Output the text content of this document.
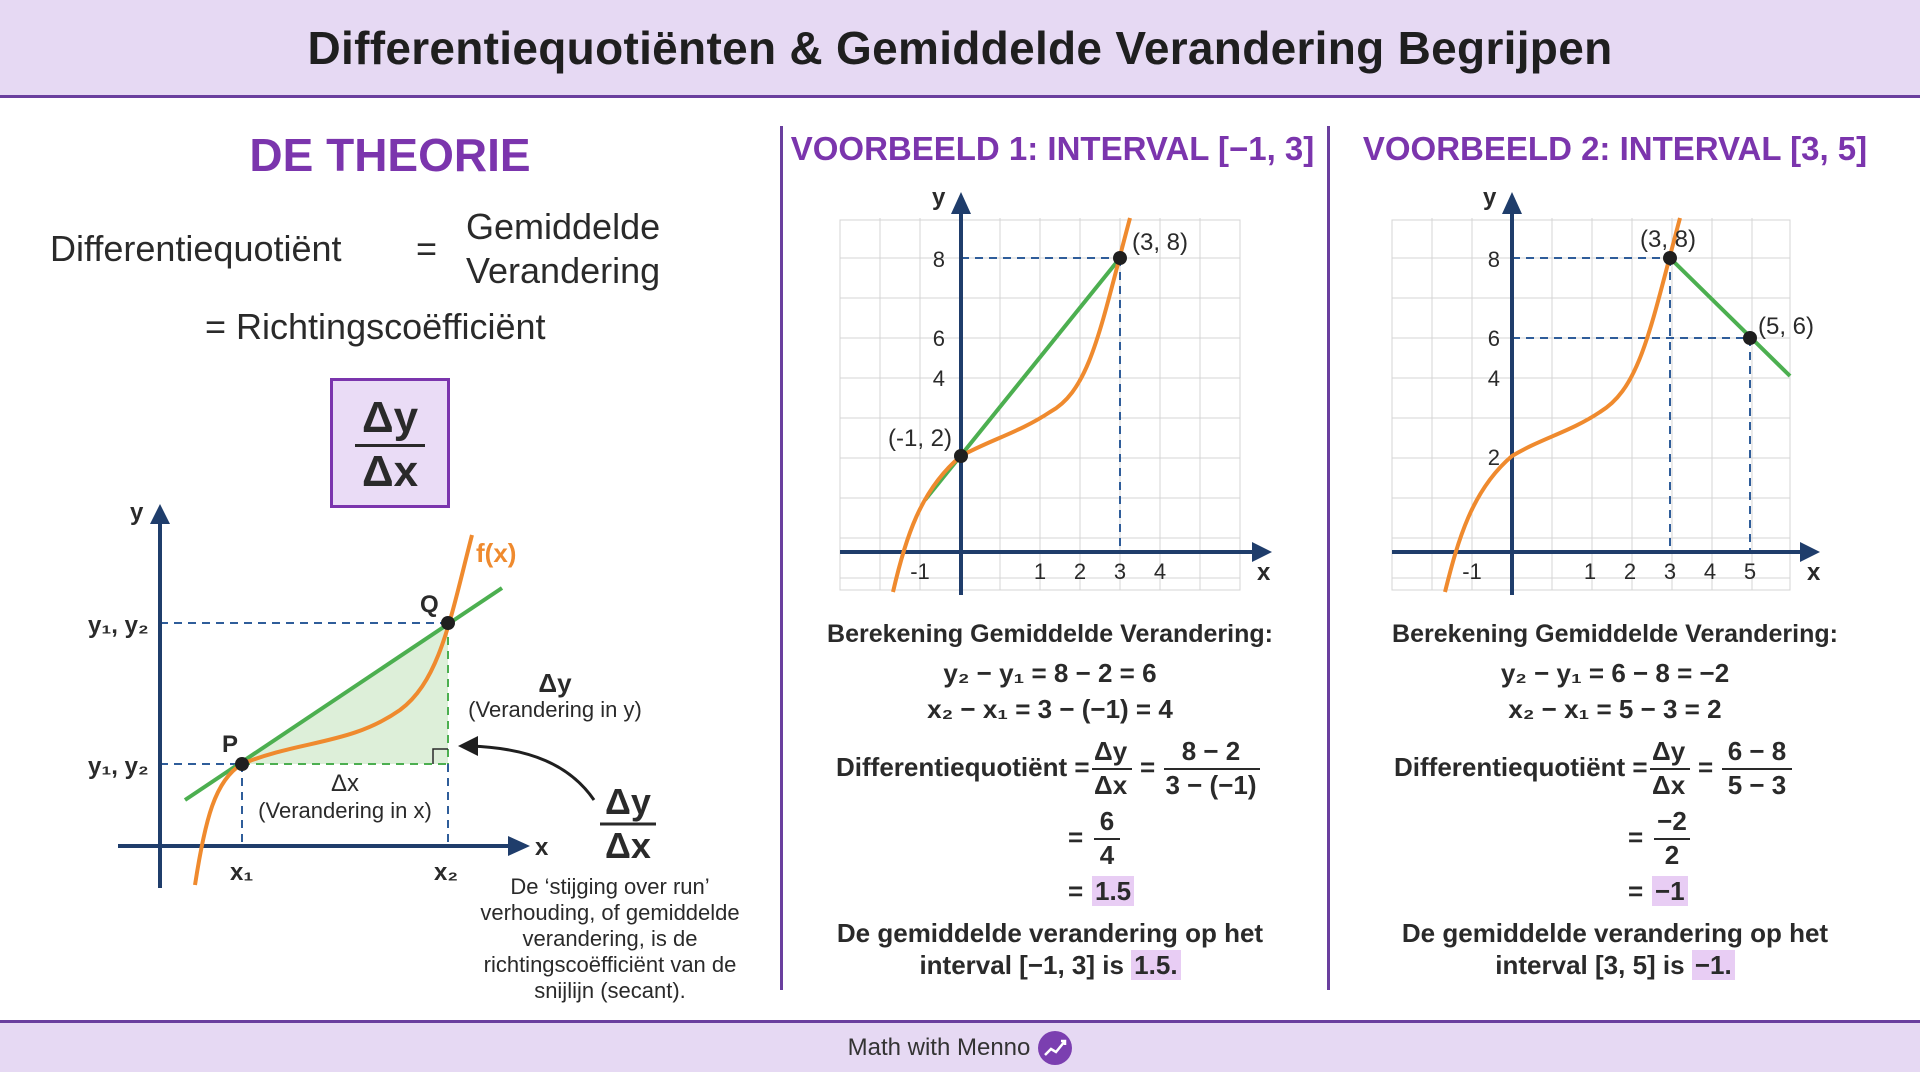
Differentiequotiënten & Gemiddelde Verandering Begrijpen
DE THEORIE
Differentiequotiënt =
Gemiddelde
Verandering
= Richtingscoëfficiënt
Δy
Δx
y
x
f(x)
P
Q
y₁, y₂
y₁, y₂
x₁	x₂
Δx
(Verandering in x)
Δy
(Verandering in y)
Δy
Δx
De ‘stijging over run’
verhouding, of gemiddelde
verandering, is de
richtingscoëfficiënt van de
snijlijn (secant).
VOORBEELD 1: INTERVAL [−1, 3]
y
x
-1	1 2 3 4
4
6
8
(-1, 2)
(3, 8)
Berekening Gemiddelde Verandering:
y₂ − y₁ = 8 − 2 = 6
x₂ − x₁ = 3 − (−1) = 4
Differentiequotiënt =
Δy
Δx
=
8 − 2
3 − (−1)
=
6
4
= 1.5
De gemiddelde verandering op het
interval [−1, 3] is 1.5.
VOORBEELD 2: INTERVAL [3, 5]
y
x
-1	1 2 3 4 5
2
4
6
8
(3, 8)
(5, 6)
Berekening Gemiddelde Verandering:
y₂ − y₁ = 6 − 8 = −2
x₂ − x₁ = 5 − 3 = 2
Differentiequotiënt =
Δy
Δx
=
6 − 8
5 − 3
=
−2
2
= −1
De gemiddelde verandering op het
interval [3, 5] is −1.
Math with Menno
